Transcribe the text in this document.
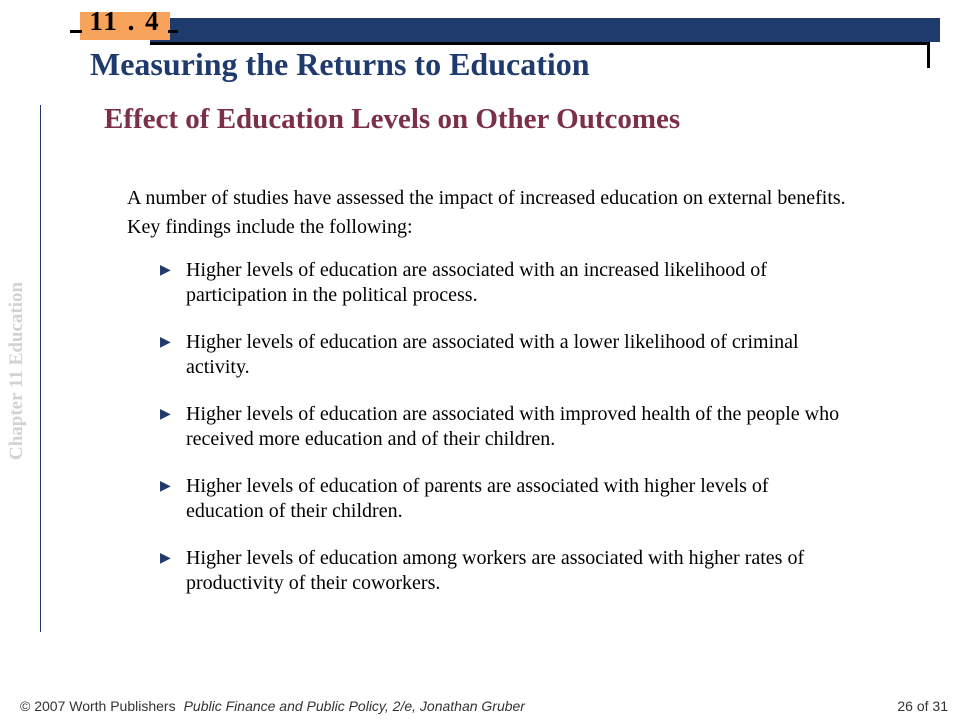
11 . 4
Measuring the Returns to Education
Effect of Education Levels on Other Outcomes
Chapter 11 Education
A number of studies have assessed the impact of increased education on external benefits. Key findings include the following:
▶ Higher levels of education are associated with an increased likelihood of participation in the political process.
▶ Higher levels of education are associated with a lower likelihood of criminal activity.
▶ Higher levels of education are associated with improved health of the people who received more education and of their children.
▶ Higher levels of education of parents are associated with higher levels of education of their children.
▶ Higher levels of education among workers are associated with higher rates of productivity of their coworkers.
© 2007 Worth Publishers Public Finance and Public Policy, 2/e, Jonathan Gruber	26 of 31
